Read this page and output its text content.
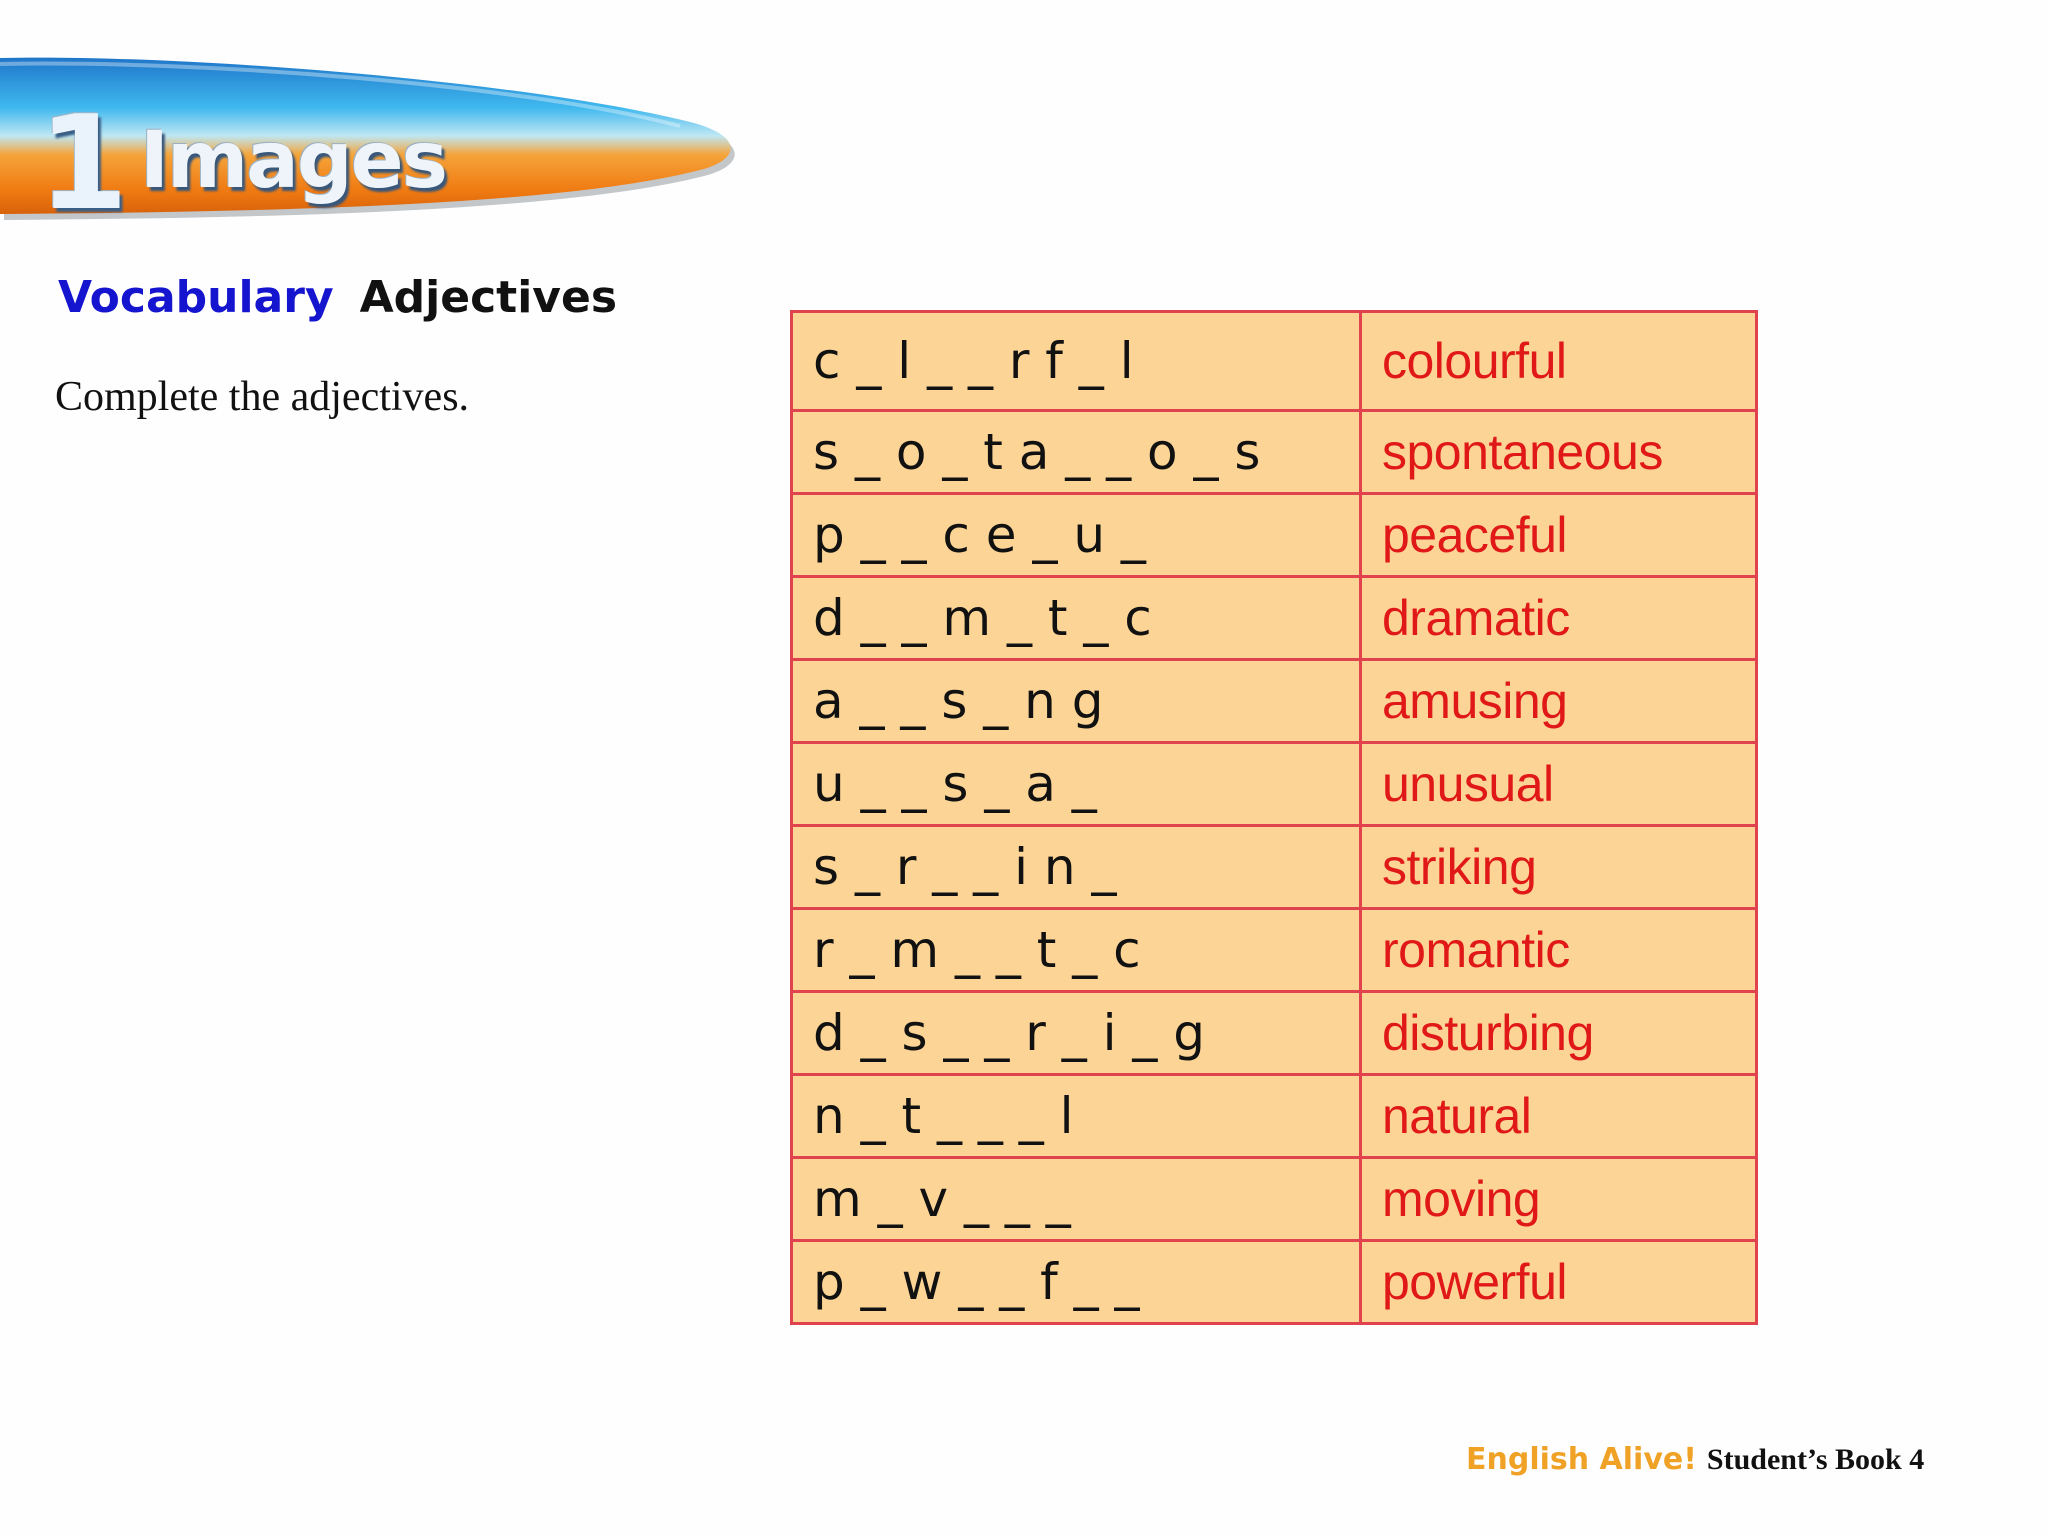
1 Images
Vocabulary Adjectives
Complete the adjectives.
c _ l _ _ r f _ l	colourful
s _ o _ t a _ _ o _ s	spontaneous
p _ _ c e _ u _	peaceful
d _ _ m _ t _ c	dramatic
a _ _ s _ n g	amusing
u _ _ s _ a _	unusual
s _ r _ _ i n _	striking
r _ m _ _ t _ c	romantic
d _ s _ _ r _ i _ g	disturbing
n _ t _ _ _ l	natural
m _ v _ _ _	moving
p _ w _ _ f _ _	powerful
English Alive! Student’s Book 4
